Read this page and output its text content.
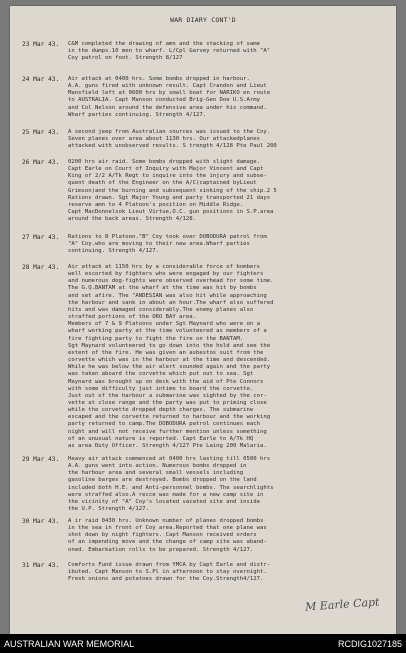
WAR DIARY CONT'D
23 Mar 43.	C&M completed the drawing of amn and the stacking of same
in the dumps.10 men to wharf. L/Cpl Garvey returned with "A"
Coy patrol on foot. Strength 8/127
24 Mar 43.	Air attack at 0400 hrs. Some bombs dropped in harbour.
A.A. guns fired with unknown result. Capt Crandon and Lieut
Mansfield left at 0600 hrs by small boat for NARIKO en route
to AUSTRALIA. Capt Manson conducted Brig-Gen Doe U.S.Army
and Col Nelson around the defensive area under his command.
Wharf parties continuing. Strength 4/127.
25 Mar 43.	A second jeep from Australian sources was issued to the Coy.
Seven planes over area about 1130 hrs. Our attackedplanes
attacked with unobserved results. S trength 4/128 Pte Paul 200
26 Mar 43.	0200 hrs air raid. Some bombs dropped with slight damage.
Capt Earle on Court of Inquiry with Major Vincent and Capt
King of 2/2 A/Tk Regt to inquire into the injury and subse-
quent death of the Engineer on the A/C(captained byLieut
Grimson)and the burning and subsequent sinking of the ship.2 5
Rations drawn. Sgt Major Young and party transported 21 days
reserve amn to 4 Platoon's position on Middle Ridge.
Capt MacDonnelsok Lieut Virtue,O.C. gun positions in S.P.area
around the back areas. Strength 4/128.
27 Mar 43.	Rations to 8 Platoon."B" Coy took over DOBODURA patrol from
"A" Coy.who are moving to their new area.Wharf parties
continuing. Strength 4/127.
28 Mar 43.	Air attack at 1150 hrs by a considerable force of bombers
well escorted by fighters who were engaged by our fighters
and numerous dog-fights were observed overhead for some time.
The G.Q.BANTAM at the wharf at the time was hit by bombs
and set afire. The "ANDESIAN was also hit while approaching
the harbour and sank in about an hour.The wharf also suffered
hits and was damaged considerably.The enemy planes also
straffed portions of the ORO BAY area.
Members of 7 & 9 Platoons under Sgt Maynard who were on a
wharf working party at the time volunteered as members of a
fire fighting party to fight the fire on the BANTAM.
Sgt Maynard volunteered to go down into the hold and see the
extent of the fire. He was given an asbestos suit from the
corvette which was in the harbour at the time and descended.
While he was below the air alert sounded again and the party
was taken aboard the corvette which put out to sea. Sgt
Maynard was brought up on deck with the aid of Pte Connors
with some difficulty just intime to board the corvette.
Just out of the harbour a submarine was sighted by the cor-
vette at close range and the party was put to priming close
while the corvette dropped depth charges. The submarine
escaped and the corvette returned to harbour and the working
party returned to camp.The DOBODURA patrol continues each
night and will not receive further mention unless something
of an unusual nature is reported. Capt Earle to A/Tk HQ
as area Duty Officer. Strength 4/127 Pte Laing 200 Malaria.
29 Mar 43.	Heavy air attack commenced at 0400 hrs lasting till 0500 hrs
A.A. guns went into action. Numerous bombs dropped in
the harbour area and several small vessels including
gasoline barges are destroyed. Bombs dropped on the land
included both H.E. and Anti-personnel bombs. The searchlights
were straffed also.A recce was made for a new camp site in
the vicinity of "A" Coy's located vacated site and inside
the U.P. Strength 4/127.
30 Mar 43.	A ir raid 0430 hrs. Unknown number of planes dropped bombs
in the sea in front of Coy area.Reported that one plane was
shot down by night fighters. Capt Manson received orders
of an impending move and the change of camp site was aband-
oned. Embarkation rolls to be prepared. Strength 4/127.
31 Mar 43.	Comforts Fund issue drawn from YMCA by Capt Earle and distr-
ibuted. Capt Manson to S.Pl in afternoon to stay overnight.
Fresh onions and potatoes drawn for the Coy.Strength4/127.
M Earle Capt
AUSTRALIAN WAR MEMORIAL	RCDIG1027185
